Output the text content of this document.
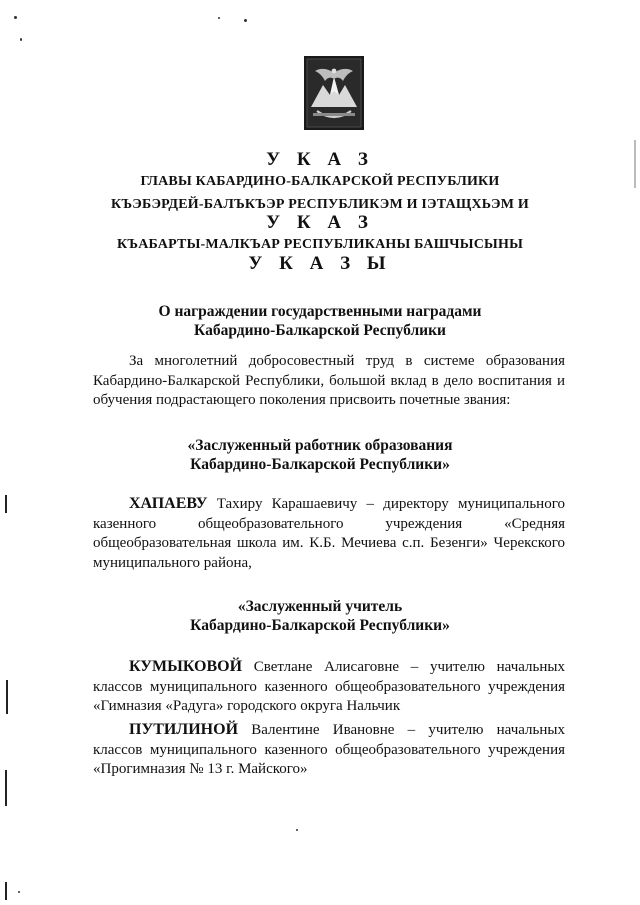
У К А З
ГЛАВЫ КАБАРДИНО-БАЛКАРСКОЙ РЕСПУБЛИКИ
КЪЭБЭРДЕЙ-БАЛЪКЪЭР РЕСПУБЛИКЭМ И IЭТАЩХЬЭМ И
У К А З
КЪАБАРТЫ-МАЛКЪАР РЕСПУБЛИКАНЫ БАШЧЫСЫНЫ
У К А З Ы
О награждении государственными наградами
Кабардино-Балкарской Республики
За многолетний добросовестный труд в системе образования Кабардино-Балкарской Республики, большой вклад в дело воспитания и обучения подрастающего поколения присвоить почетные звания:
«Заслуженный работник образования
Кабардино-Балкарской Республики»
ХАПАЕВУ Тахиру Карашаевичу – директору муниципального казенного общеобразовательного учреждения «Средняя общеобразовательная школа им. К.Б. Мечиева с.п. Безенги» Черекского муниципального района,
«Заслуженный учитель
Кабардино-Балкарской Республики»
КУМЫКОВОЙ Светлане Алисаговне – учителю начальных классов муниципального казенного общеобразовательного учреждения «Гимназия «Радуга» городского округа Нальчик
ПУТИЛИНОЙ Валентине Ивановне – учителю начальных классов муниципального казенного общеобразовательного учреждения «Прогимназия № 13 г. Майского»
